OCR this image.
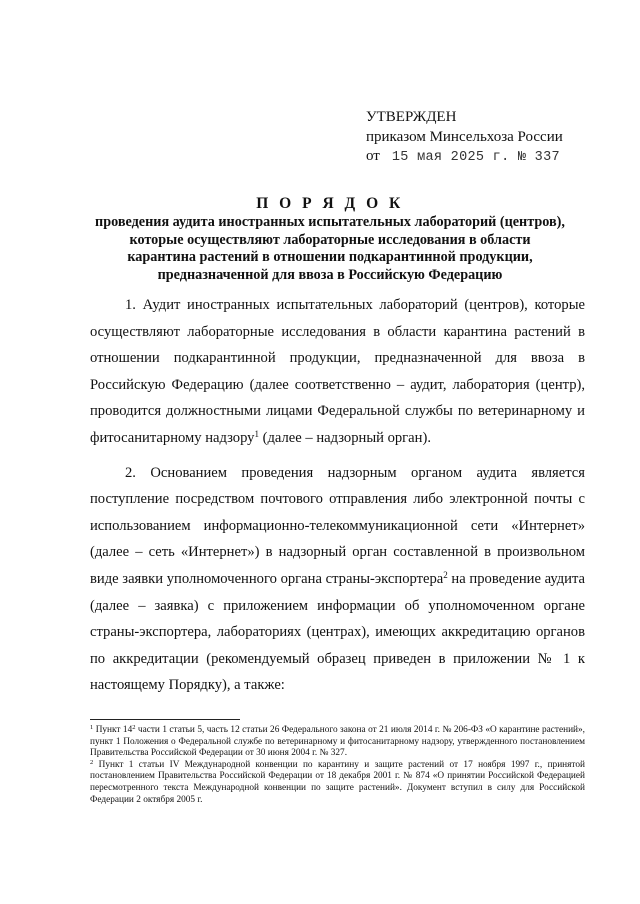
УТВЕРЖДЕН
приказом Минсельхоза России
от 15 мая 2025 г. № 337
П О Р Я Д О К
проведения аудита иностранных испытательных лабораторий (центров),
которые осуществляют лабораторные исследования в области
карантина растений в отношении подкарантинной продукции,
предназначенной для ввоза в Российскую Федерацию

1. Аудит иностранных испытательных лабораторий (центров), которые осуществляют лабораторные исследования в области карантина растений в отношении подкарантинной продукции, предназначенной для ввоза в Российскую Федерацию (далее соответственно – аудит, лаборатория (центр), проводится должностными лицами Федеральной службы по ветеринарному и фитосанитарному надзору$^1$ (далее – надзорный орган).

2. Основанием проведения надзорным органом аудита является поступление посредством почтового отправления либо электронной почты с использованием информационно-телекоммуникационной сети «Интернет» (далее – сеть «Интернет») в надзорный орган составленной в произвольном виде заявки уполномоченного органа страны-экспортера$^2$ на проведение аудита (далее – заявка) с приложением информации об уполномоченном органе страны-экспортера, лабораториях (центрах), имеющих аккредитацию органов по аккредитации (рекомендуемый образец приведен в приложении № 1 к настоящему Порядку), а также:

$^1$ Пункт $14^2$ части 1 статьи 5, часть 12 статьи 26 Федерального закона от 21 июля 2014 г. № 206-ФЗ «О карантине растений», пункт 1 Положения о Федеральной службе по ветеринарному и фитосанитарному надзору, утвержденного постановлением Правительства Российской Федерации от 30 июня 2004 г. № 327.

$^2$ Пункт 1 статьи IV Международной конвенции по карантину и защите растений от 17 ноября 1997 г., принятой постановлением Правительства Российской Федерации от 18 декабря 2001 г. № 874 «О принятии Российской Федерацией пересмотренного текста Международной конвенции по защите растений». Документ вступил в силу для Российской Федерации 2 октября 2005 г.
